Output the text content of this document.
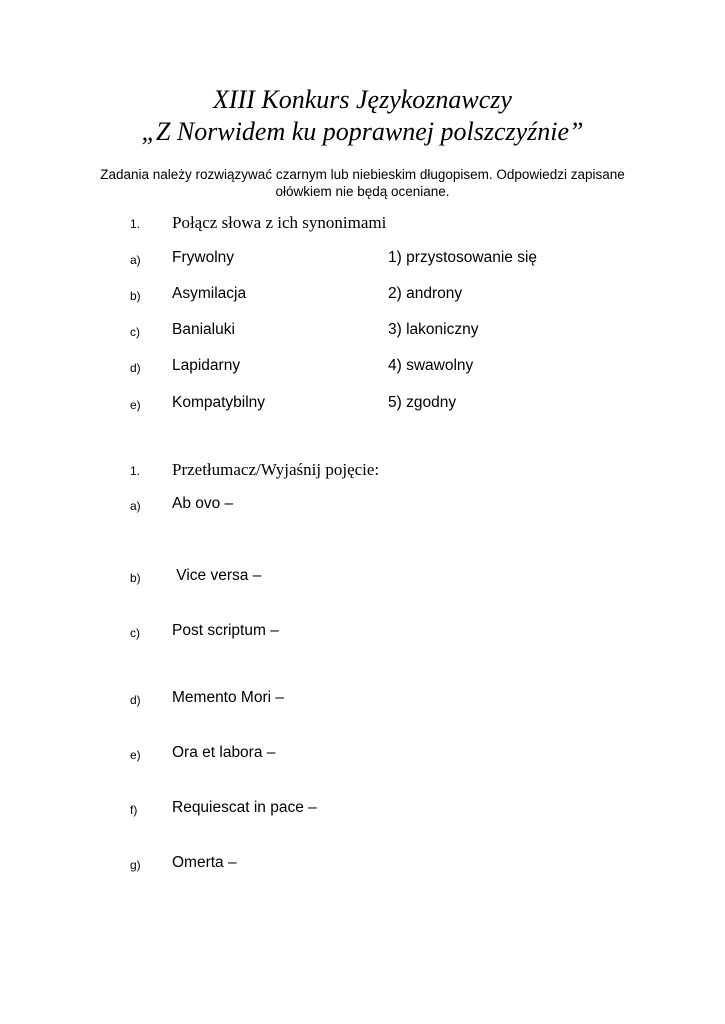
XIII Konkurs Językoznawczy
„Z Norwidem ku poprawnej polszczyźnie”
Zadania należy rozwiązywać czarnym lub niebieskim długopisem. Odpowiedzi zapisane ołówkiem nie będą oceniane.
1. Połącz słowa z ich synonimami
a) Frywolny	1) przystosowanie się
b) Asymilacja	2) androny
c) Banialuki	3) lakoniczny
d) Lapidarny	4) swawolny
e) Kompatybilny	5) zgodny
1. Przetłumacz/Wyjaśnij pojęcie:
a) Ab ovo –
b) Vice versa –
c) Post scriptum –
d) Memento Mori –
e) Ora et labora –
f) Requiescat in pace –
g) Omerta –
